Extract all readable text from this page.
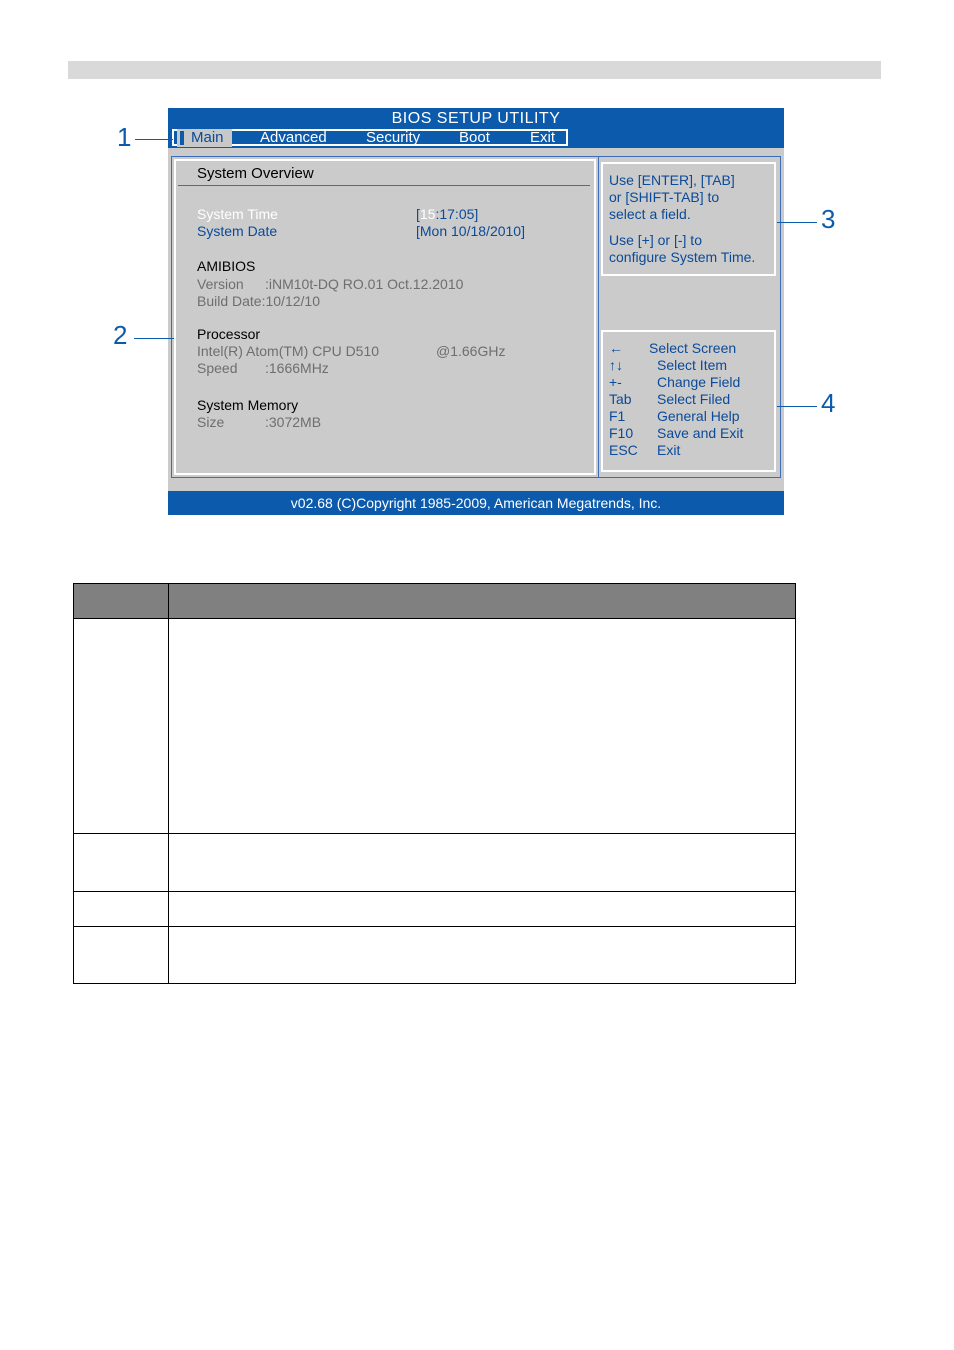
BIOS SETUP UTILITY
Main	Advanced	Security	Boot	Exit
System Overview
System Time	[15:17:05]
System Date	[Mon 10/18/2010]
AMIBIOS
Version :iNM10t-DQ RO.01 Oct.12.2010
Build Date:10/12/10
Processor
Intel(R) Atom(TM) CPU D510	@1.66GHz
Speed :1666MHz
System Memory
Size	:3072MB
Use [ENTER], [TAB]
or [SHIFT-TAB] to
select a field.
Use [+] or [-] to
configure System Time.
← Select Screen
↑↓ Select Item
+-	Change Field
Tab Select Filed
F1 General Help
F10 Save and Exit
ESC Exit
v02.68 (C)Copyright 1985-2009, American Megatrends, Inc.
1
2
3
4
